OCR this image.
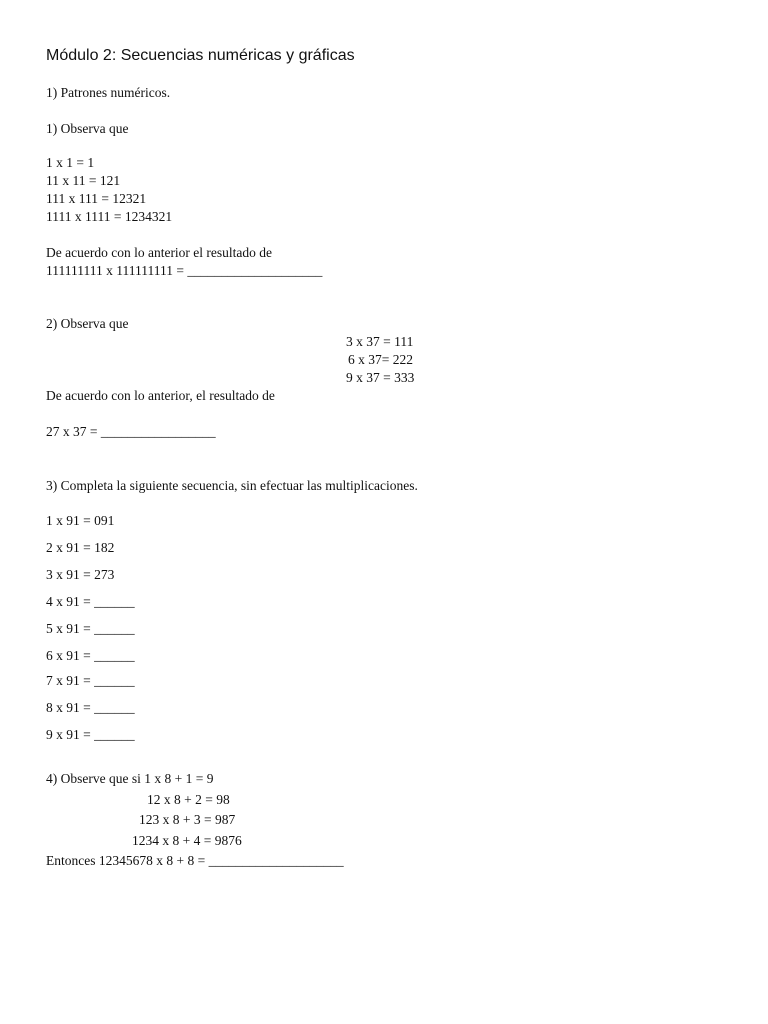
Módulo 2: Secuencias numéricas y gráficas
1) Patrones numéricos.
1) Observa que
1 x 1 = 1
11 x 11 = 121
111 x 111 = 12321
1111 x 1111 = 1234321
De acuerdo con lo anterior el resultado de
111111111 x 111111111 = ____________________
2) Observa que
3 x 37 = 111
6 x 37= 222
9 x 37 = 333
De acuerdo con lo anterior, el resultado de
27 x 37 = _________________
3) Completa la siguiente secuencia, sin efectuar las multiplicaciones.
1 x 91 = 091
2 x 91 = 182
3 x 91 = 273
4 x 91 = ______
5 x 91 = ______
6 x 91 = ______
7 x 91 = ______
8 x 91 = ______
9 x 91 = ______
4) Observe que si 1 x 8 + 1 = 9
12 x 8 + 2 = 98
123 x 8 + 3 = 987
1234 x 8 + 4 = 9876
Entonces 12345678 x 8 + 8 = ____________________
